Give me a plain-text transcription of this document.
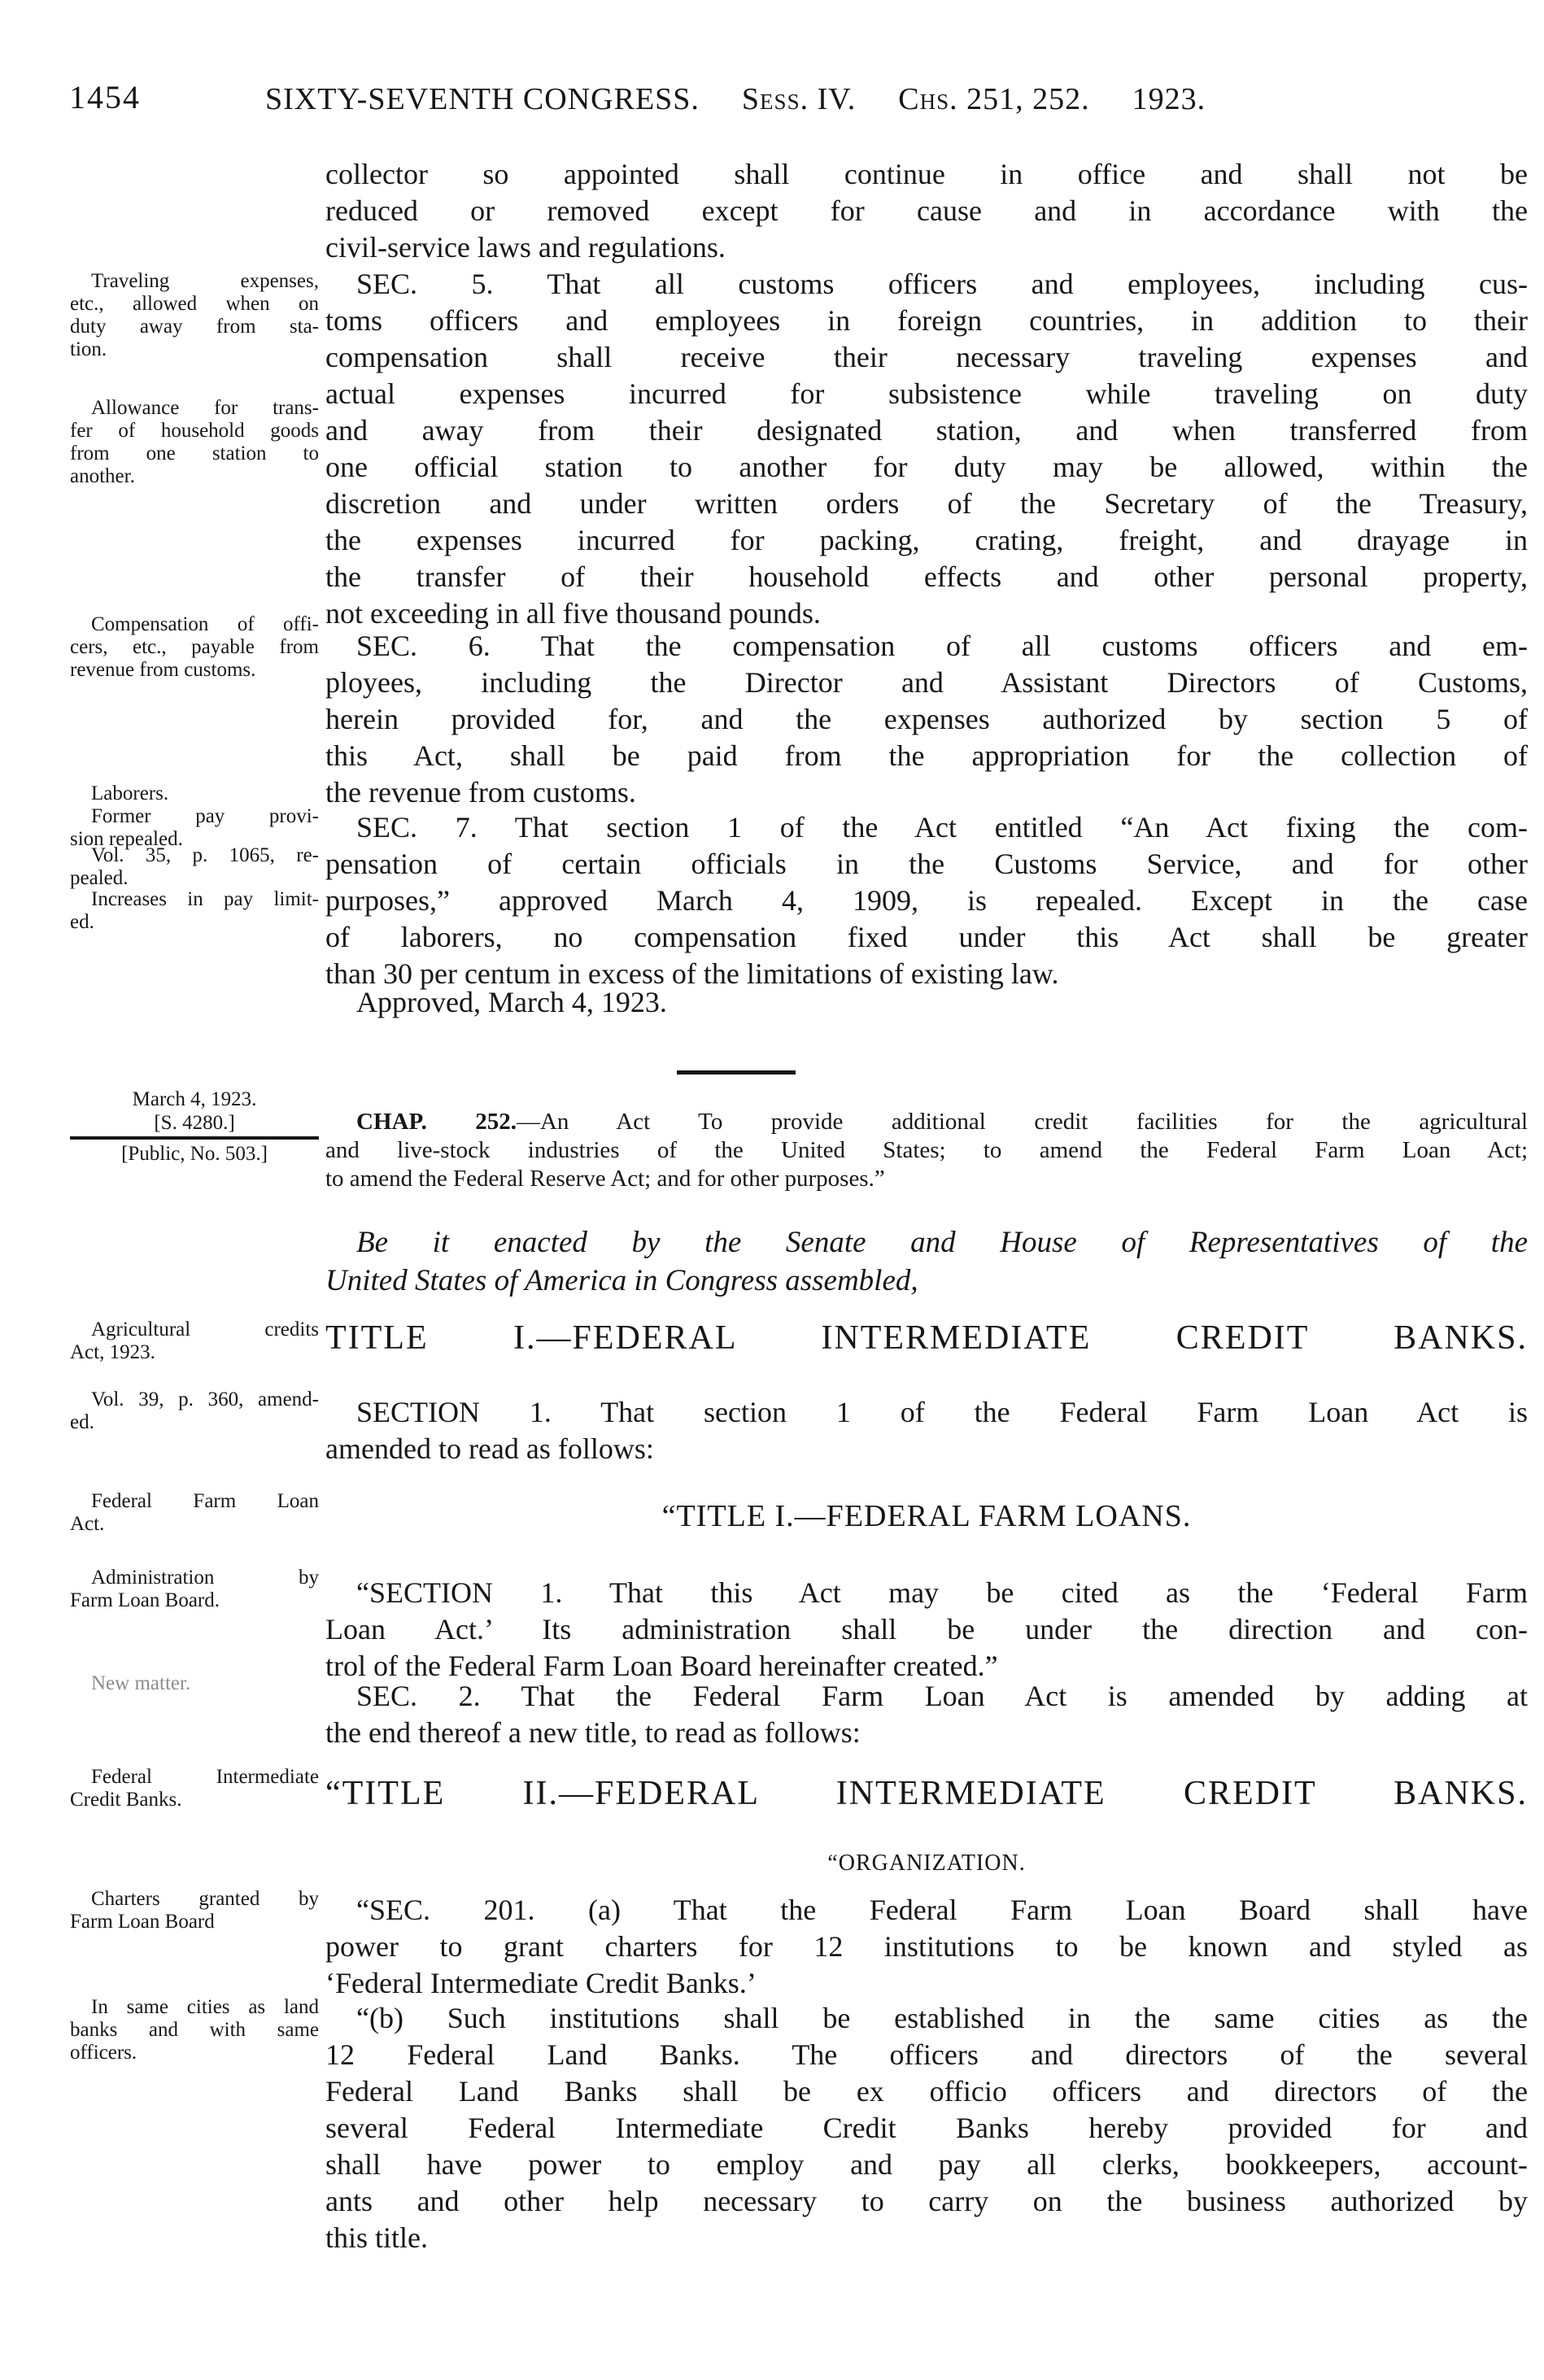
1454	SIXTY-SEVENTH CONGRESS. Sess. IV. Chs. 251, 252. 1923.
March 4, 1923.
[S. 4280.]
[Public, No. 503.]
Traveling expenses,
etc., allowed when on
duty away from sta-
tion.
Allowance for trans-
fer of household goods
from one station to
another.
Compensation of offi-
cers, etc., payable from
revenue from customs.
Laborers.
Former pay provi-
sion repealed.
Vol. 35, p. 1065, re-
pealed.
Increases in pay limit-
ed.
Agricultural credits
Act, 1923.
Vol. 39, p. 360, amend-
ed.
Federal Farm Loan
Act.
Administration by
Farm Loan Board.
New matter.
Federal Intermediate
Credit Banks.
Charters granted by
Farm Loan Board
In same cities as land
banks and with same
officers.
collector so appointed shall continue in office and shall not be
reduced or removed except for cause and in accordance with the
civil-service laws and regulations.
SEC. 5. That all customs officers and employees, including cus-
toms officers and employees in foreign countries, in addition to their
compensation shall receive their necessary traveling expenses and
actual expenses incurred for subsistence while traveling on duty
and away from their designated station, and when transferred from
one official station to another for duty may be allowed, within the
discretion and under written orders of the Secretary of the Treasury,
the expenses incurred for packing, crating, freight, and drayage in
the transfer of their household effects and other personal property,
not exceeding in all five thousand pounds.
SEC. 6. That the compensation of all customs officers and em-
ployees, including the Director and Assistant Directors of Customs,
herein provided for, and the expenses authorized by section 5 of
this Act, shall be paid from the appropriation for the collection of
the revenue from customs.
SEC. 7. That section 1 of the Act entitled “An Act fixing the com-
pensation of certain officials in the Customs Service, and for other
purposes,” approved March 4, 1909, is repealed. Except in the case
of laborers, no compensation fixed under this Act shall be greater
than 30 per centum in excess of the limitations of existing law.
Approved, March 4, 1923.
CHAP. 252.—An Act To provide additional credit facilities for the agricultural
and live-stock industries of the United States; to amend the Federal Farm Loan Act;
to amend the Federal Reserve Act; and for other purposes.”
Be it enacted by the Senate and House of Representatives of the
United States of America in Congress assembled,
TITLE I.—FEDERAL INTERMEDIATE CREDIT BANKS.
SECTION 1. That section 1 of the Federal Farm Loan Act is
amended to read as follows:
“TITLE I.—FEDERAL FARM LOANS.
“SECTION 1. That this Act may be cited as the ‘Federal Farm
Loan Act.’ Its administration shall be under the direction and con-
trol of the Federal Farm Loan Board hereinafter created.”
SEC. 2. That the Federal Farm Loan Act is amended by adding at
the end thereof a new title, to read as follows:
“TITLE II.—FEDERAL INTERMEDIATE CREDIT BANKS.
“ORGANIZATION.
“SEC. 201. (a) That the Federal Farm Loan Board shall have
power to grant charters for 12 institutions to be known and styled as
‘Federal Intermediate Credit Banks.’
“(b) Such institutions shall be established in the same cities as the
12 Federal Land Banks. The officers and directors of the several
Federal Land Banks shall be ex officio officers and directors of the
several Federal Intermediate Credit Banks hereby provided for and
shall have power to employ and pay all clerks, bookkeepers, account-
ants and other help necessary to carry on the business authorized by
this title.
